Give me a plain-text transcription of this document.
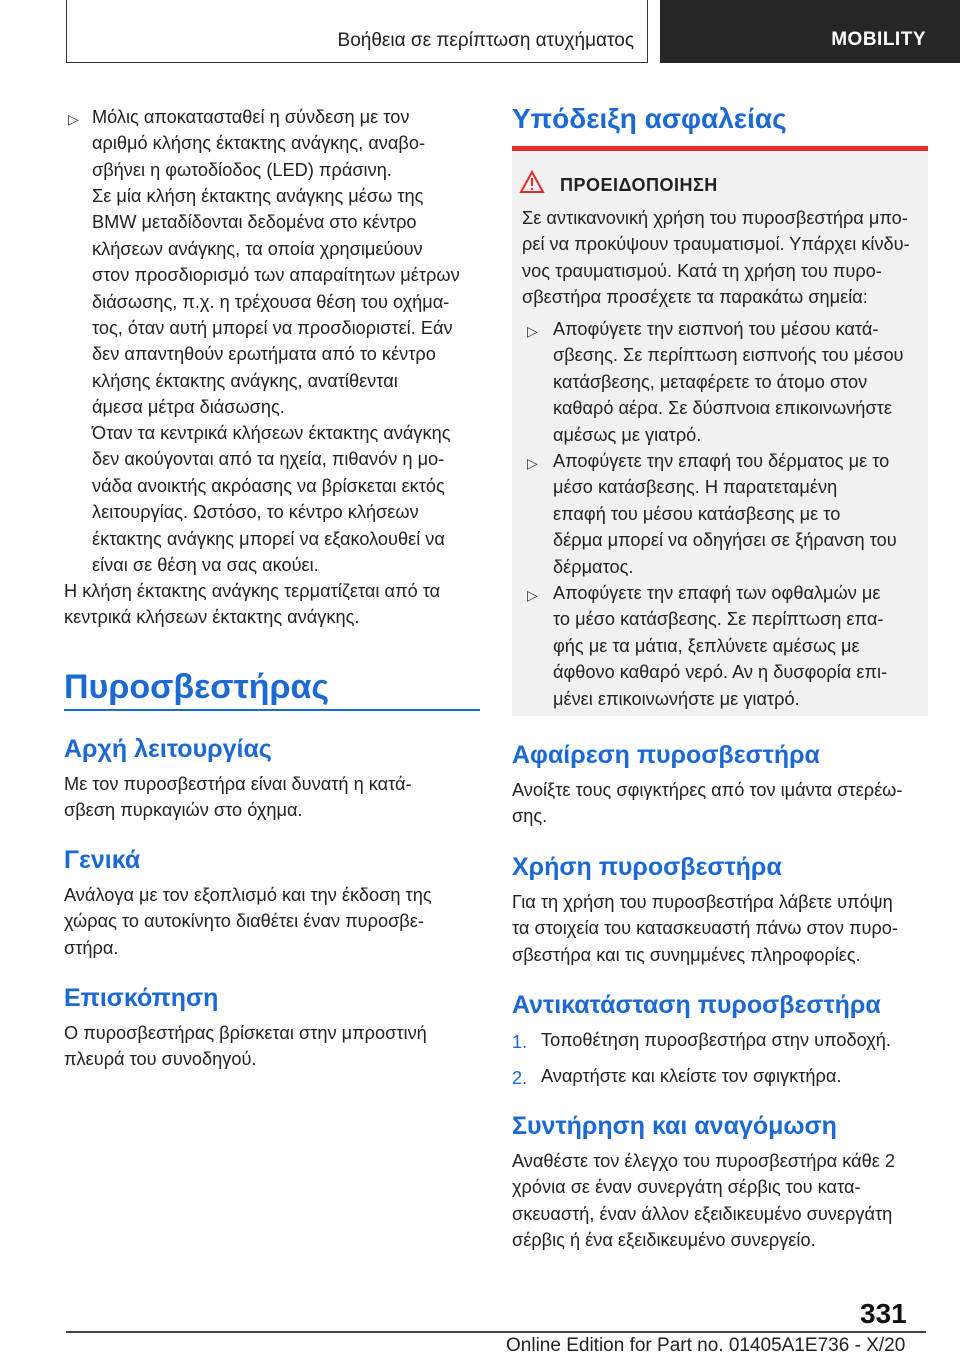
Βοήθεια σε περίπτωση ατυχήματος	MOBILITY
▷ Μόλις αποκατασταθεί η σύνδεση με τον
αριθμό κλήσης έκτακτης ανάγκης, αναβο-
σβήνει η φωτοδίοδος (LED) πράσινη.
Σε μία κλήση έκτακτης ανάγκης μέσω της
BMW μεταδίδονται δεδομένα στο κέντρο
κλήσεων ανάγκης, τα οποία χρησιμεύουν
στον προσδιορισμό των απαραίτητων μέτρων
διάσωσης, π.χ. η τρέχουσα θέση του οχήμα-
τος, όταν αυτή μπορεί να προσδιοριστεί. Εάν
δεν απαντηθούν ερωτήματα από το κέντρο
κλήσης έκτακτης ανάγκης, ανατίθενται
άμεσα μέτρα διάσωσης.
Όταν τα κεντρικά κλήσεων έκτακτης ανάγκης
δεν ακούγονται από τα ηχεία, πιθανόν η μο-
νάδα ανοικτής ακρόασης να βρίσκεται εκτός
λειτουργίας. Ωστόσο, το κέντρο κλήσεων
έκτακτης ανάγκης μπορεί να εξακολουθεί να
είναι σε θέση να σας ακούει.
Η κλήση έκτακτης ανάγκης τερματίζεται από τα
κεντρικά κλήσεων έκτακτης ανάγκης.
Πυροσβεστήρας
Αρχή λειτουργίας
Με τον πυροσβεστήρα είναι δυνατή η κατά-
σβεση πυρκαγιών στο όχημα.
Γενικά
Ανάλογα με τον εξοπλισμό και την έκδοση της
χώρας το αυτοκίνητο διαθέτει έναν πυροσβε-
στήρα.
Επισκόπηση
Ο πυροσβεστήρας βρίσκεται στην μπροστινή
πλευρά του συνοδηγού.
Υπόδειξη ασφαλείας
ΠΡΟΕΙΔΟΠΟΙΗΣΗ
Σε αντικανονική χρήση του πυροσβεστήρα μπο-
ρεί να προκύψουν τραυματισμοί. Υπάρχει κίνδυ-
νος τραυματισμού. Κατά τη χρήση του πυρο-
σβεστήρα προσέχετε τα παρακάτω σημεία:
▷ Αποφύγετε την εισπνοή του μέσου κατά-
σβεσης. Σε περίπτωση εισπνοής του μέσου
κατάσβεσης, μεταφέρετε το άτομο στον
καθαρό αέρα. Σε δύσπνοια επικοινωνήστε
αμέσως με γιατρό.
▷ Αποφύγετε την επαφή του δέρματος με το
μέσο κατάσβεσης. Η παρατεταμένη
επαφή του μέσου κατάσβεσης με το
δέρμα μπορεί να οδηγήσει σε ξήρανση του
δέρματος.
▷ Αποφύγετε την επαφή των οφθαλμών με
το μέσο κατάσβεσης. Σε περίπτωση επα-
φής με τα μάτια, ξεπλύνετε αμέσως με
άφθονο καθαρό νερό. Αν η δυσφορία επι-
μένει επικοινωνήστε με γιατρό.
Αφαίρεση πυροσβεστήρα
Ανοίξτε τους σφιγκτήρες από τον ιμάντα στερέω-
σης.
Χρήση πυροσβεστήρα
Για τη χρήση του πυροσβεστήρα λάβετε υπόψη
τα στοιχεία του κατασκευαστή πάνω στον πυρο-
σβεστήρα και τις συνημμένες πληροφορίες.
Αντικατάσταση πυροσβεστήρα
1. Τοποθέτηση πυροσβεστήρα στην υποδοχή.
2. Αναρτήστε και κλείστε τον σφιγκτήρα.
Συντήρηση και αναγόμωση
Αναθέστε τον έλεγχο του πυροσβεστήρα κάθε 2
χρόνια σε έναν συνεργάτη σέρβις του κατα-
σκευαστή, έναν άλλον εξειδικευμένο συνεργάτη
σέρβις ή ένα εξειδικευμένο συνεργείο.
331
Online Edition for Part no. 01405A1E736 - X/20
